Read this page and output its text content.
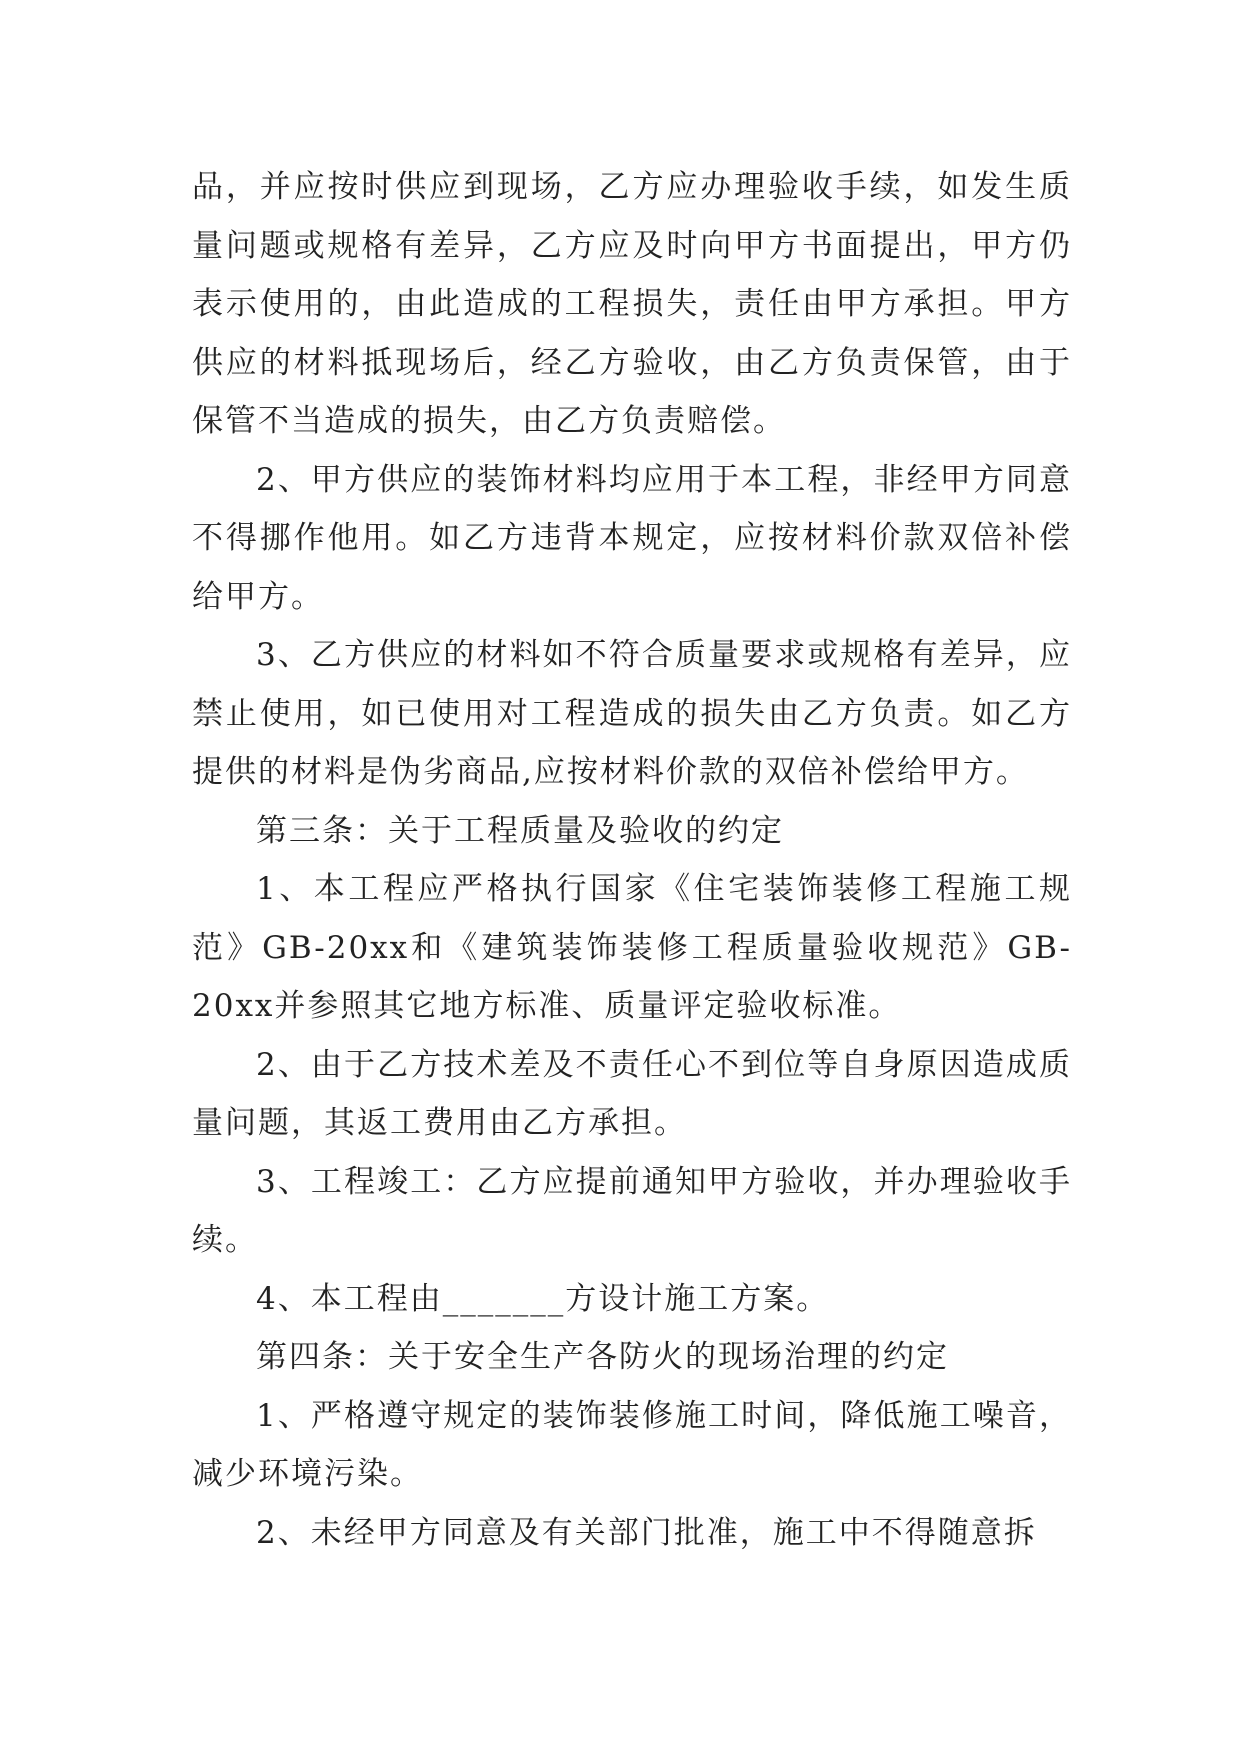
品，并应按时供应到现场，乙方应办理验收手续，如发生质量问题或规格有差异，乙方应及时向甲方书面提出，甲方仍表示使用的，由此造成的工程损失，责任由甲方承担。甲方供应的材料抵现场后，经乙方验收，由乙方负责保管，由于保管不当造成的损失，由乙方负责赔偿。

2、甲方供应的装饰材料均应用于本工程，非经甲方同意不得挪作他用。如乙方违背本规定，应按材料价款双倍补偿给甲方。

3、乙方供应的材料如不符合质量要求或规格有差异，应禁止使用，如已使用对工程造成的损失由乙方负责。如乙方提供的材料是伪劣商品,应按材料价款的双倍补偿给甲方。

第三条：关于工程质量及验收的约定

1、本工程应严格执行国家《住宅装饰装修工程施工规范》GB-20xx和《建筑装饰装修工程质量验收规范》GB-20xx并参照其它地方标准、质量评定验收标准。

2、由于乙方技术差及不责任心不到位等自身原因造成质量问题，其返工费用由乙方承担。

3、工程竣工：乙方应提前通知甲方验收，并办理验收手续。

4、本工程由_______方设计施工方案。

第四条：关于安全生产各防火的现场治理的约定

1、严格遵守规定的装饰装修施工时间，降低施工噪音，减少环境污染。

2、未经甲方同意及有关部门批准，施工中不得随意拆
